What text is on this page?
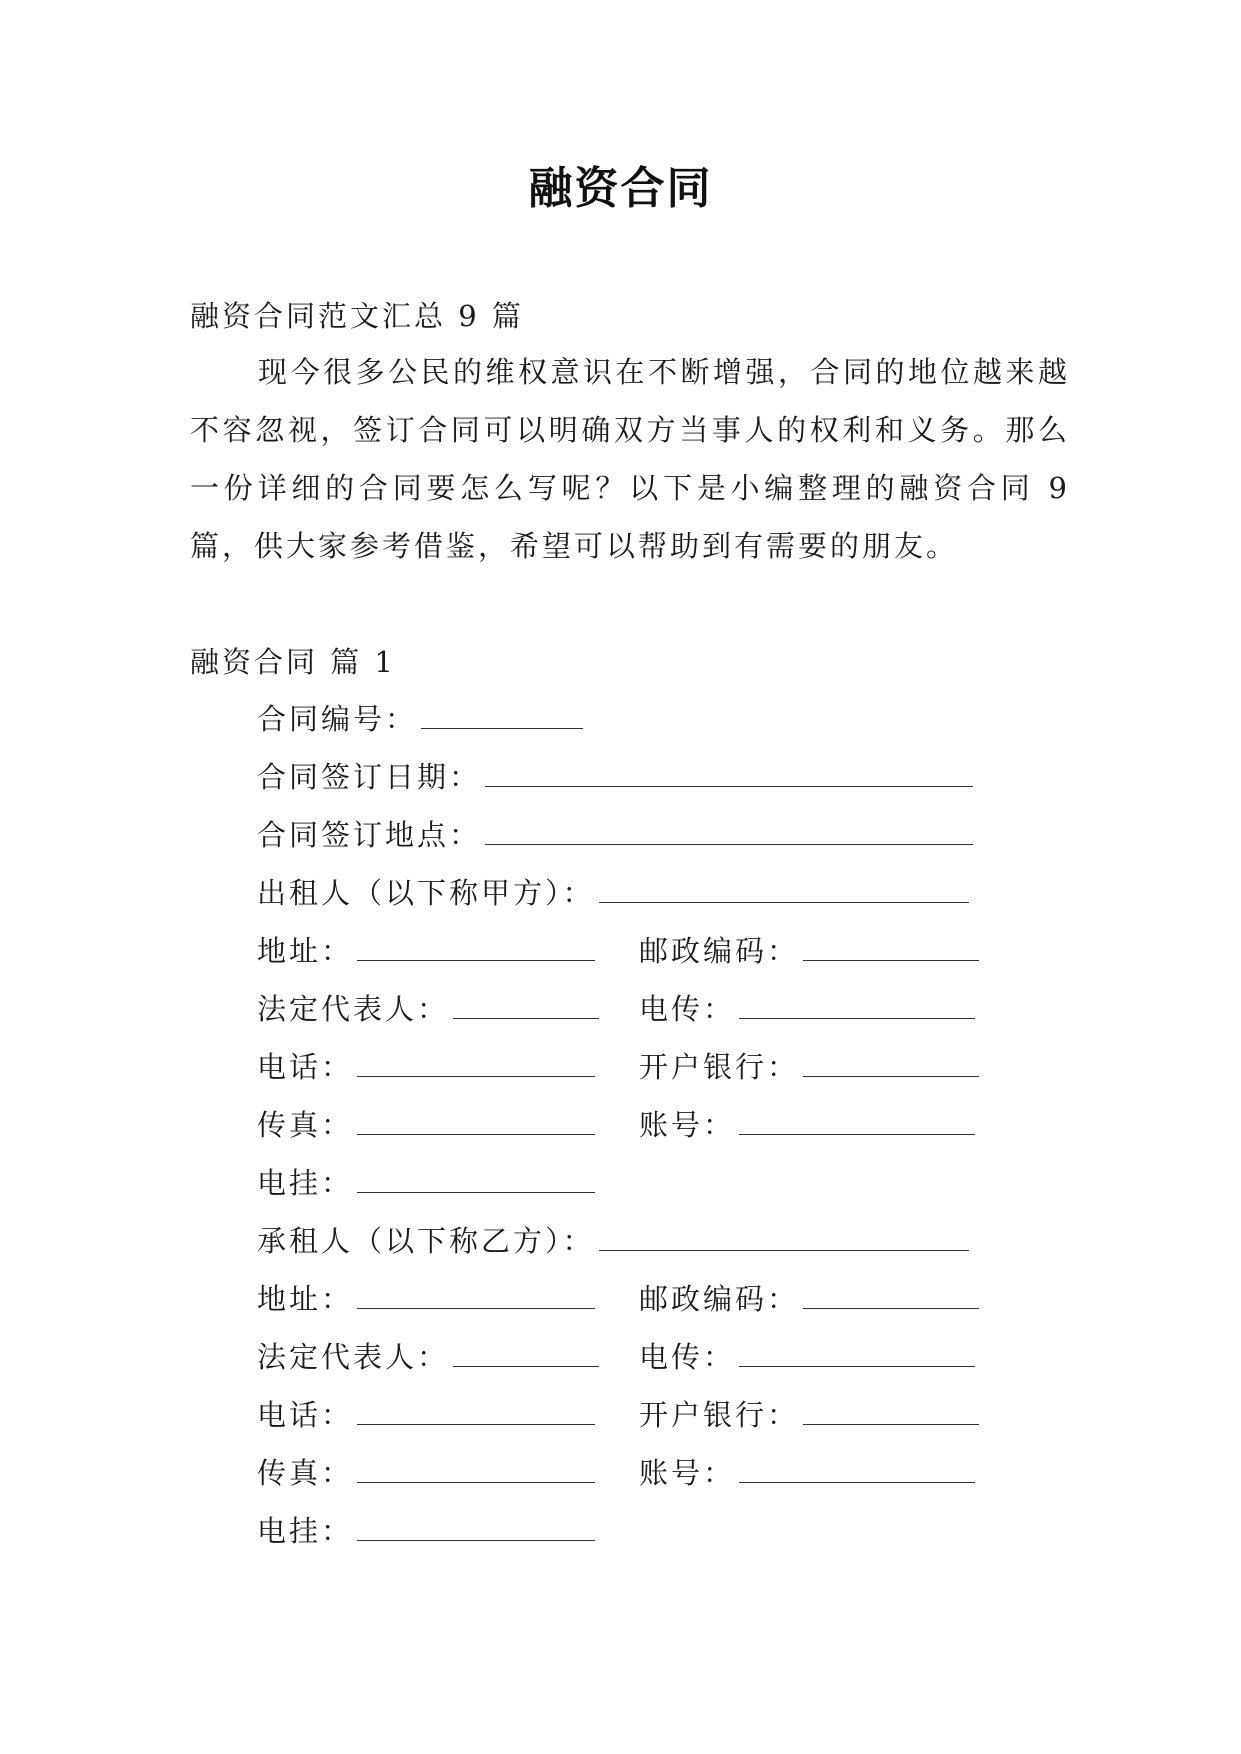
融资合同
融资合同范文汇总 9 篇
现今很多公民的维权意识在不断增强，合同的地位越来越不容忽视，签订合同可以明确双方当事人的权利和义务。那么一份详细的合同要怎么写呢？以下是小编整理的融资合同 9 篇，供大家参考借鉴，希望可以帮助到有需要的朋友。
融资合同 篇 1
合同编号：
合同签订日期：
合同签订地点：
出租人（以下称甲方）：
地址：	邮政编码：
法定代表人：	电传：
电话：	开户银行：
传真：	账号：
电挂：
承租人（以下称乙方）：
地址：	邮政编码：
法定代表人：	电传：
电话：	开户银行：
传真：	账号：
电挂：
